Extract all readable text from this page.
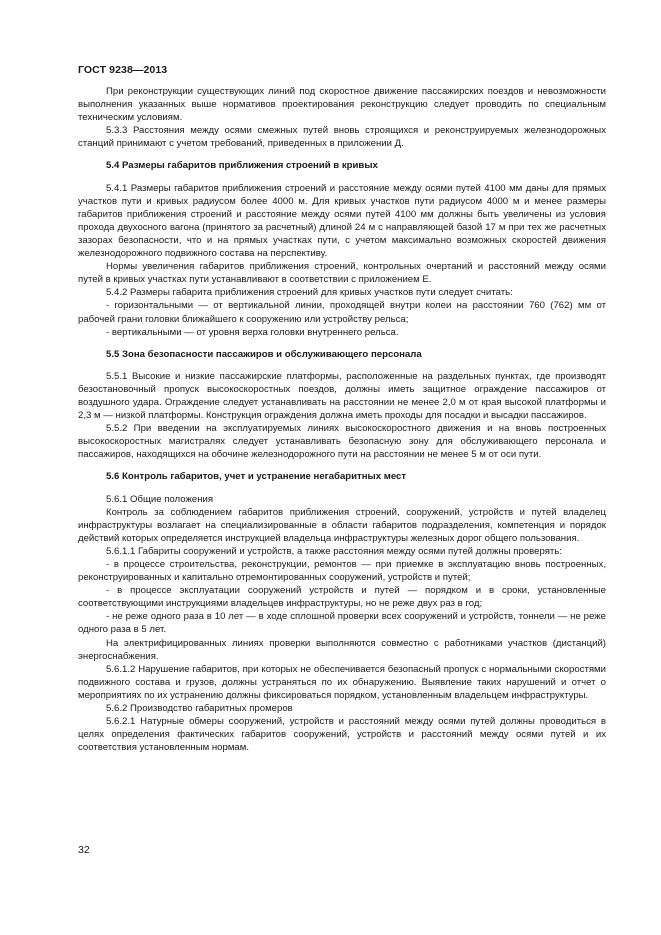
ГОСТ 9238—2013

При реконструкции существующих линий под скоростное движение пассажирских поездов и невозможности выполнения указанных выше нормативов проектирования реконструкцию следует проводить по специальным техническим условиям.

5.3.3 Расстояния между осями смежных путей вновь строящихся и реконструируемых железнодорожных станций принимают с учетом требований, приведенных в приложении Д.

5.4 Размеры габаритов приближения строений в кривых

5.4.1 Размеры габаритов приближения строений и расстояние между осями путей 4100 мм даны для прямых участков пути и кривых радиусом более 4000 м. Для кривых участков пути радиусом 4000 м и менее размеры габаритов приближения строений и расстояние между осями путей 4100 мм должны быть увеличены из условия прохода двухосного вагона (принятого за расчетный) длиной 24 м с направляющей базой 17 м при тех же расчетных зазорах безопасности, что и на прямых участках пути, с учетом максимально возможных скоростей движения железнодорожного подвижного состава на перспективу.

Нормы увеличения габаритов приближения строений, контрольных очертаний и расстояний между осями путей в кривых участках пути устанавливают в соответствии с приложением Е.

5.4.2 Размеры габарита приближения строений для кривых участков пути следует считать:

- горизонтальными — от вертикальной линии, проходящей внутри колеи на расстоянии 760 (762) мм от рабочей грани головки ближайшего к сооружению или устройству рельса;

- вертикальными — от уровня верха головки внутреннего рельса.

5.5 Зона безопасности пассажиров и обслуживающего персонала

5.5.1 Высокие и низкие пассажирские платформы, расположенные на раздельных пунктах, где производят безостановочный пропуск высокоскоростных поездов, должны иметь защитное ограждение пассажиров от воздушного удара. Ограждение следует устанавливать на расстоянии не менее 2,0 м от края высокой платформы и 2,3 м — низкой платформы. Конструкция ограждения должна иметь проходы для посадки и высадки пассажиров.

5.5.2 При введении на эксплуатируемых линиях высокоскоростного движения и на вновь построенных высокоскоростных магистралях следует устанавливать безопасную зону для обслуживающего персонала и пассажиров, находящихся на обочине железнодорожного пути на расстоянии не менее 5 м от оси пути.

5.6 Контроль габаритов, учет и устранение негабаритных мест

5.6.1 Общие положения

Контроль за соблюдением габаритов приближения строений, сооружений, устройств и путей владелец инфраструктуры возлагает на специализированные в области габаритов подразделения, компетенция и порядок действий которых определяется инструкцией владельца инфраструктуры железных дорог общего пользования.

5.6.1.1 Габариты сооружений и устройств, а также расстояния между осями путей должны проверять:

- в процессе строительства, реконструкции, ремонтов — при приемке в эксплуатацию вновь построенных, реконструированных и капитально отремонтированных сооружений, устройств и путей;

- в процессе эксплуатации сооружений устройств и путей — порядком и в сроки, установленные соответствующими инструкциями владельцев инфраструктуры, но не реже двух раз в год;

- не реже одного раза в 10 лет — в ходе сплошной проверки всех сооружений и устройств, тоннели — не реже одного раза в 5 лет.

На электрифицированных линиях проверки выполняются совместно с работниками участков (дистанций) энергоснабжения.

5.6.1.2 Нарушение габаритов, при которых не обеспечивается безопасный пропуск с нормальными скоростями подвижного состава и грузов, должны устраняться по их обнаружению. Выявление таких нарушений и отчет о мероприятиях по их устранению должны фиксироваться порядком, установленным владельцем инфраструктуры.

5.6.2 Производство габаритных промеров

5.6.2.1 Натурные обмеры сооружений, устройств и расстояний между осями путей должны проводиться в целях определения фактических габаритов сооружений, устройств и расстояний между осями путей и их соответствия установленным нормам.

32
